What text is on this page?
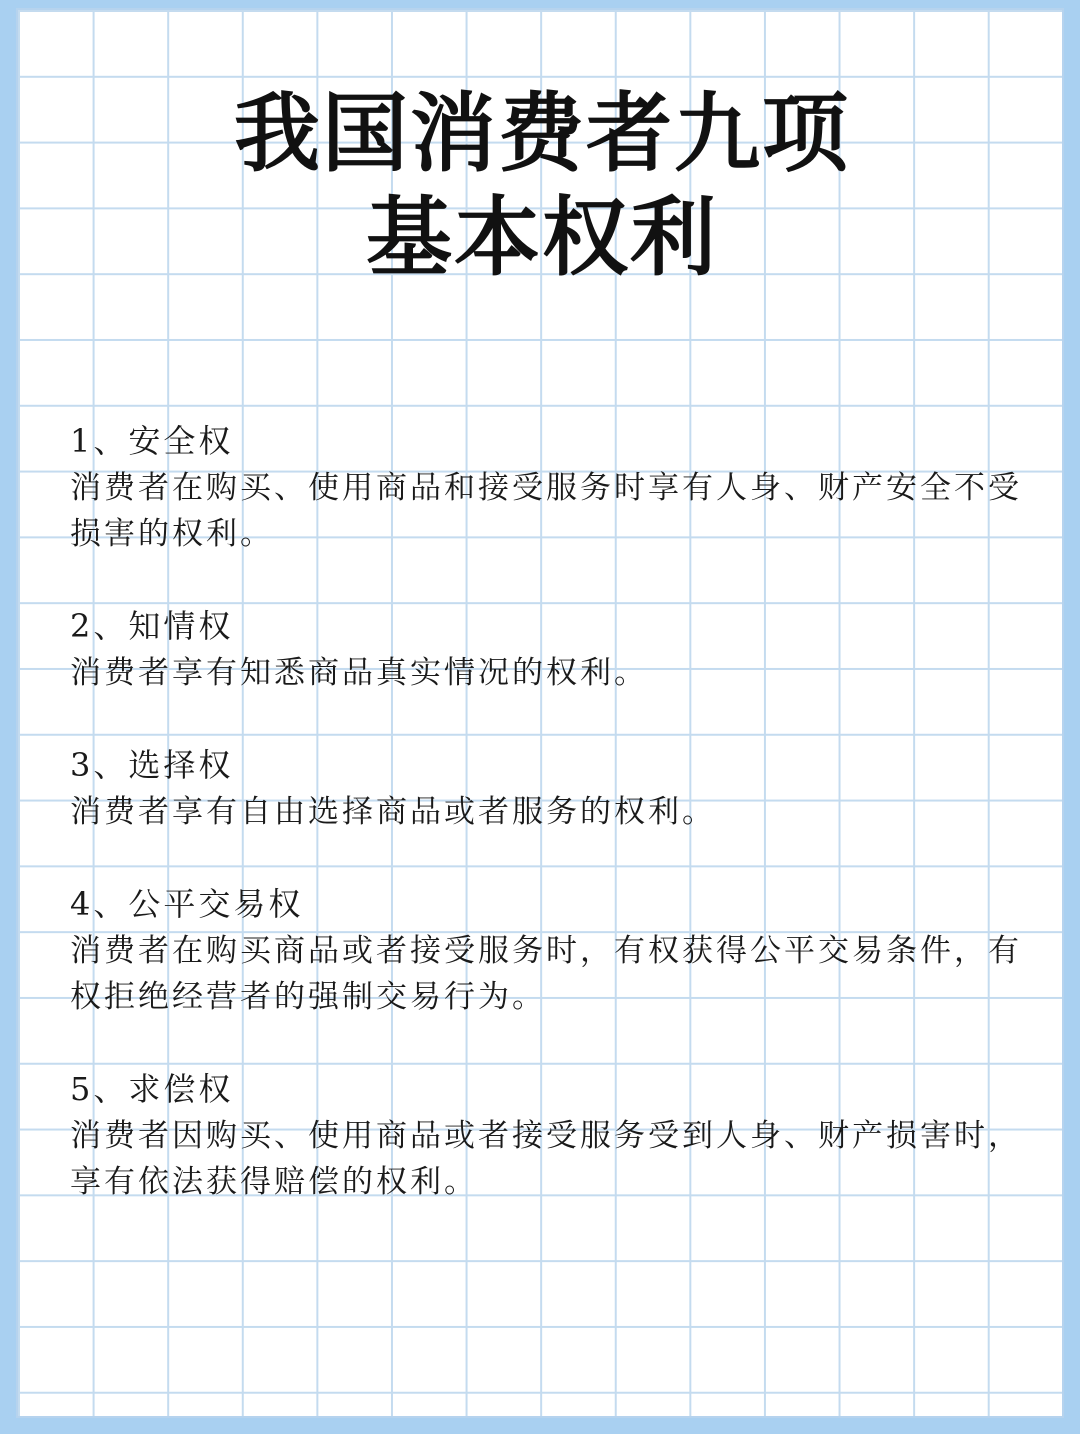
我国消费者九项
基本权利
1、安全权
消费者在购买、使用商品和接受服务时享有人身、财产安全不受
损害的权利。
2、知情权
消费者享有知悉商品真实情况的权利。
3、选择权
消费者享有自由选择商品或者服务的权利。
4、公平交易权
消费者在购买商品或者接受服务时，有权获得公平交易条件，有
权拒绝经营者的强制交易行为。
5、求偿权
消费者因购买、使用商品或者接受服务受到人身、财产损害时，
享有依法获得赔偿的权利。
